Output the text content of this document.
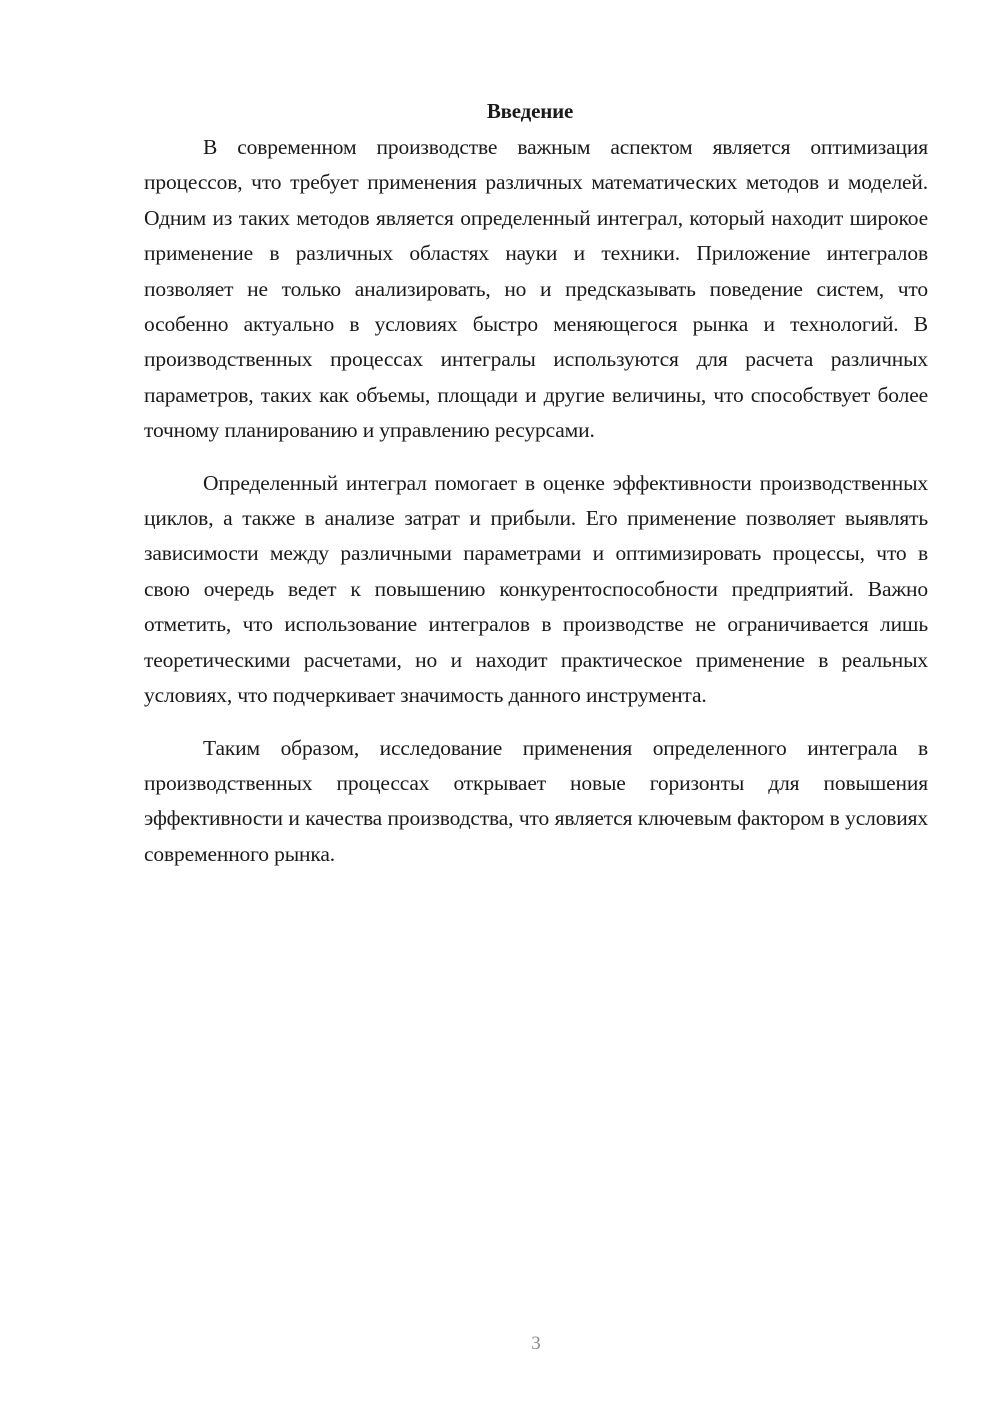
Введение

В современном производстве важным аспектом является оптимизация процессов, что требует применения различных математических методов и моделей. Одним из таких методов является определенный интеграл, который находит широкое применение в различных областях науки и техники. Приложение интегралов позволяет не только анализировать, но и предсказывать поведение систем, что особенно актуально в условиях быстро меняющегося рынка и технологий. В производственных процессах интегралы используются для расчета различных параметров, таких как объемы, площади и другие величины, что способствует более точному планированию и управлению ресурсами.

Определенный интеграл помогает в оценке эффективности производственных циклов, а также в анализе затрат и прибыли. Его применение позволяет выявлять зависимости между различными параметрами и оптимизировать процессы, что в свою очередь ведет к повышению конкурентоспособности предприятий. Важно отметить, что использование интегралов в производстве не ограничивается лишь теоретическими расчетами, но и находит практическое применение в реальных условиях, что подчеркивает значимость данного инструмента.

Таким образом, исследование применения определенного интеграла в производственных процессах открывает новые горизонты для повышения эффективности и качества производства, что является ключевым фактором в условиях современного рынка.

3
